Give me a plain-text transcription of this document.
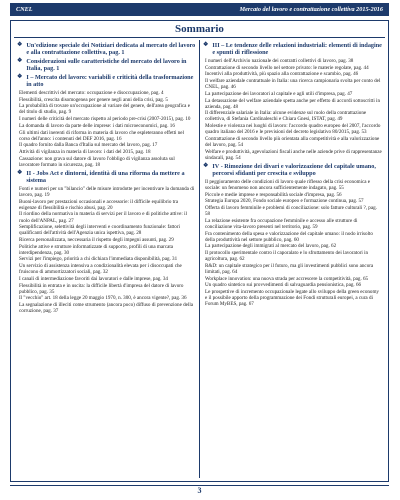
CNEL	Mercato del lavoro e contrattazione collettiva 2015-2016
Sommario
❖ Un'edizione speciale dei Notiziari dedicata al mercato del lavoro e alla contrattazione collettiva, pag. 1
❖ Considerazioni sulle caratteristiche del mercato del lavoro in Italia, pag. 1
❖ I – Mercato del lavoro: variabili e criticità della trasformazione in atto
Elementi descrittivi del mercato: occupazione e disoccupazione, pag. 4
Flessibilità, crescita disomogenea per genere negli anni della crisi, pag. 5
La probabilità di trovare un'occupazione al variare del genere, dell'area geografica e del titolo di studio, pag. 9
I numeri delle criticità del mercato rispetto al periodo pre-crisi (2007-2015), pag. 10
La domanda di lavoro da parte delle imprese: i dati microeconomici, pag. 16
Gli ultimi dati inerenti di riforma in materia di lavoro che espleteranno effetti nel corso dell'anno: i contenuti del DEF 2016, pag. 16
Il quadro fornito dalla Banca d'Italia sul mercato del lavoro, pag. 17
Attività di vigilanza in materia di lavoro: i dati del 2015, pag. 18
Cassazione: non grava sul datore di lavoro l'obbligo di vigilanza assoluta sul lavoratore formato in sicurezza, pag. 18
❖ II - Jobs Act e dintorni, identità di una riforma da mettere a sistema
Fonti e numeri per un "bilancio" delle misure introdotte per incentivare la domanda di lavoro, pag. 19
Buoni-lavoro per prestazioni occasionali e accessorie: il difficile equilibrio tra esigenze di flessibilità e rischio abusi, pag. 20
Il riordino della normativa in materia di servizi per il lavoro e di politiche attive: il ruolo dell'ANPAL, pag. 27
Semplificazione, selettività degli interventi e coordinamento funzionale: fattori qualificanti dell'attività dell'Agenzia unica ispettiva, pag. 28
Ricerca personalizzata, neccessaria il rispetto degli impegni assunti, pag. 29
Politiche attive e strutture informatizzate di supporto, profili di una marcata interdipendenza, pag. 30
Servizi per l'impiego, priorità a chi dichiara l'immediata disponibilità, pag. 31
Un servizio di assistenza intensiva a condizionalità elevata per i disoccupati che fruiscono di ammortizzatori sociali, pag. 32
I canali di intermediazione favoriti dai lavoratori e dalle imprese, pag. 34
Flessibilità in entrata e in uscita: la difficile libertà d'impresa del datore di lavoro pubblico, pag. 35
Il "vecchio" art. 18 della legge 20 maggio 1970, n. 300, è ancora vigente?, pag. 36
La segnalazione di illeciti come strumento (ancora poco) diffuso di prevenzione della corruzione, pag. 37
❖ III – Le tendenze delle relazioni industriali: elementi di indagine e spunti di riflessione
I numeri dell'Archivio nazionale dei contratti collettivi di lavoro, pag. 38
Contrattazione di secondo livello nel settore privato: le materie regolate, pag. 44
Incentivi alla produttività, più spazio alla contrattazione e scambio, pag. 46
Il welfare aziendale contrattuale in Italia: una ricerca campionaria svolta per conto del CNEL, pag. 46
La partecipazione dei lavoratori al capitale e agli utili d'impresa, pag. 47
La detassazione del welfare aziendale spetta anche per effetto di accordi sottoscritti in azienda, pag. 48
Il differenziale salariale in Italia: alcune evidenze sul ruolo della contrattazione collettiva, di Stefania Cardinaleschi e Chiara Gnesi, ISTAT, pag. 49
Molestie e violenza nei luoghi di lavoro: l'accordo quadro europeo del 2007, l'accordo quadro italiano del 2016 e le previsioni del decreto legislativo 80/2015, pag. 53
Contrattazione di secondo livello più orientata alla competitività e alla valorizzazione del lavoro, pag. 54
Welfare e produttività, agevolazioni fiscali anche nelle aziende prive di rappresentanze sindacali, pag. 54
❖ IV - Rimozione dei divari e valorizzazione del capitale umano, percorsi sfidanti per crescita e sviluppo
Il peggioramento delle condizioni di lavoro quale riflesso della crisi economica e sociale: un fenomeno non ancora sufficientemente indagato, pag. 55
Piccole e medie imprese e responsabilità sociale d'impresa, pag. 56
Strategia Europa 2020, Fondo sociale europeo e formazione continua, pag. 57
Offerta di lavoro femminile e problemi di conciliazione: solo fatture culturali ?, pag. 58
La relazione esistente fra occupazione femminile e accesso alle strutture di conciliazione vita-lavoro presenti nel territorio, pag. 59
Fra contenimento della spesa e valorizzazione del capitale umano: il nodo irrisolto della produttività nel settore pubblico, pag. 60
La partecipazione degli immigrati al mercato del lavoro, pag. 62
Il protocollo sperimentale contro il caporalato e lo sfruttamento dei lavoratori in agricoltura, pag. 62
R&D: un capitale strategico per il futuro, ma gli investimenti pubblici sono ancora limitati, pag. 64
Workplace innovation: una nuova strada per accrescere la competitività, pag. 65
Un quadro sintetico sui provvedimenti di salvaguardia pensionistica, pag. 66
Le prospettive di incremento occupazionale legate allo sviluppo della green economy e il possibile apporto della programmazione dei Fondi strutturali europei, a cura di Forum MyBES, pag. 67
3
